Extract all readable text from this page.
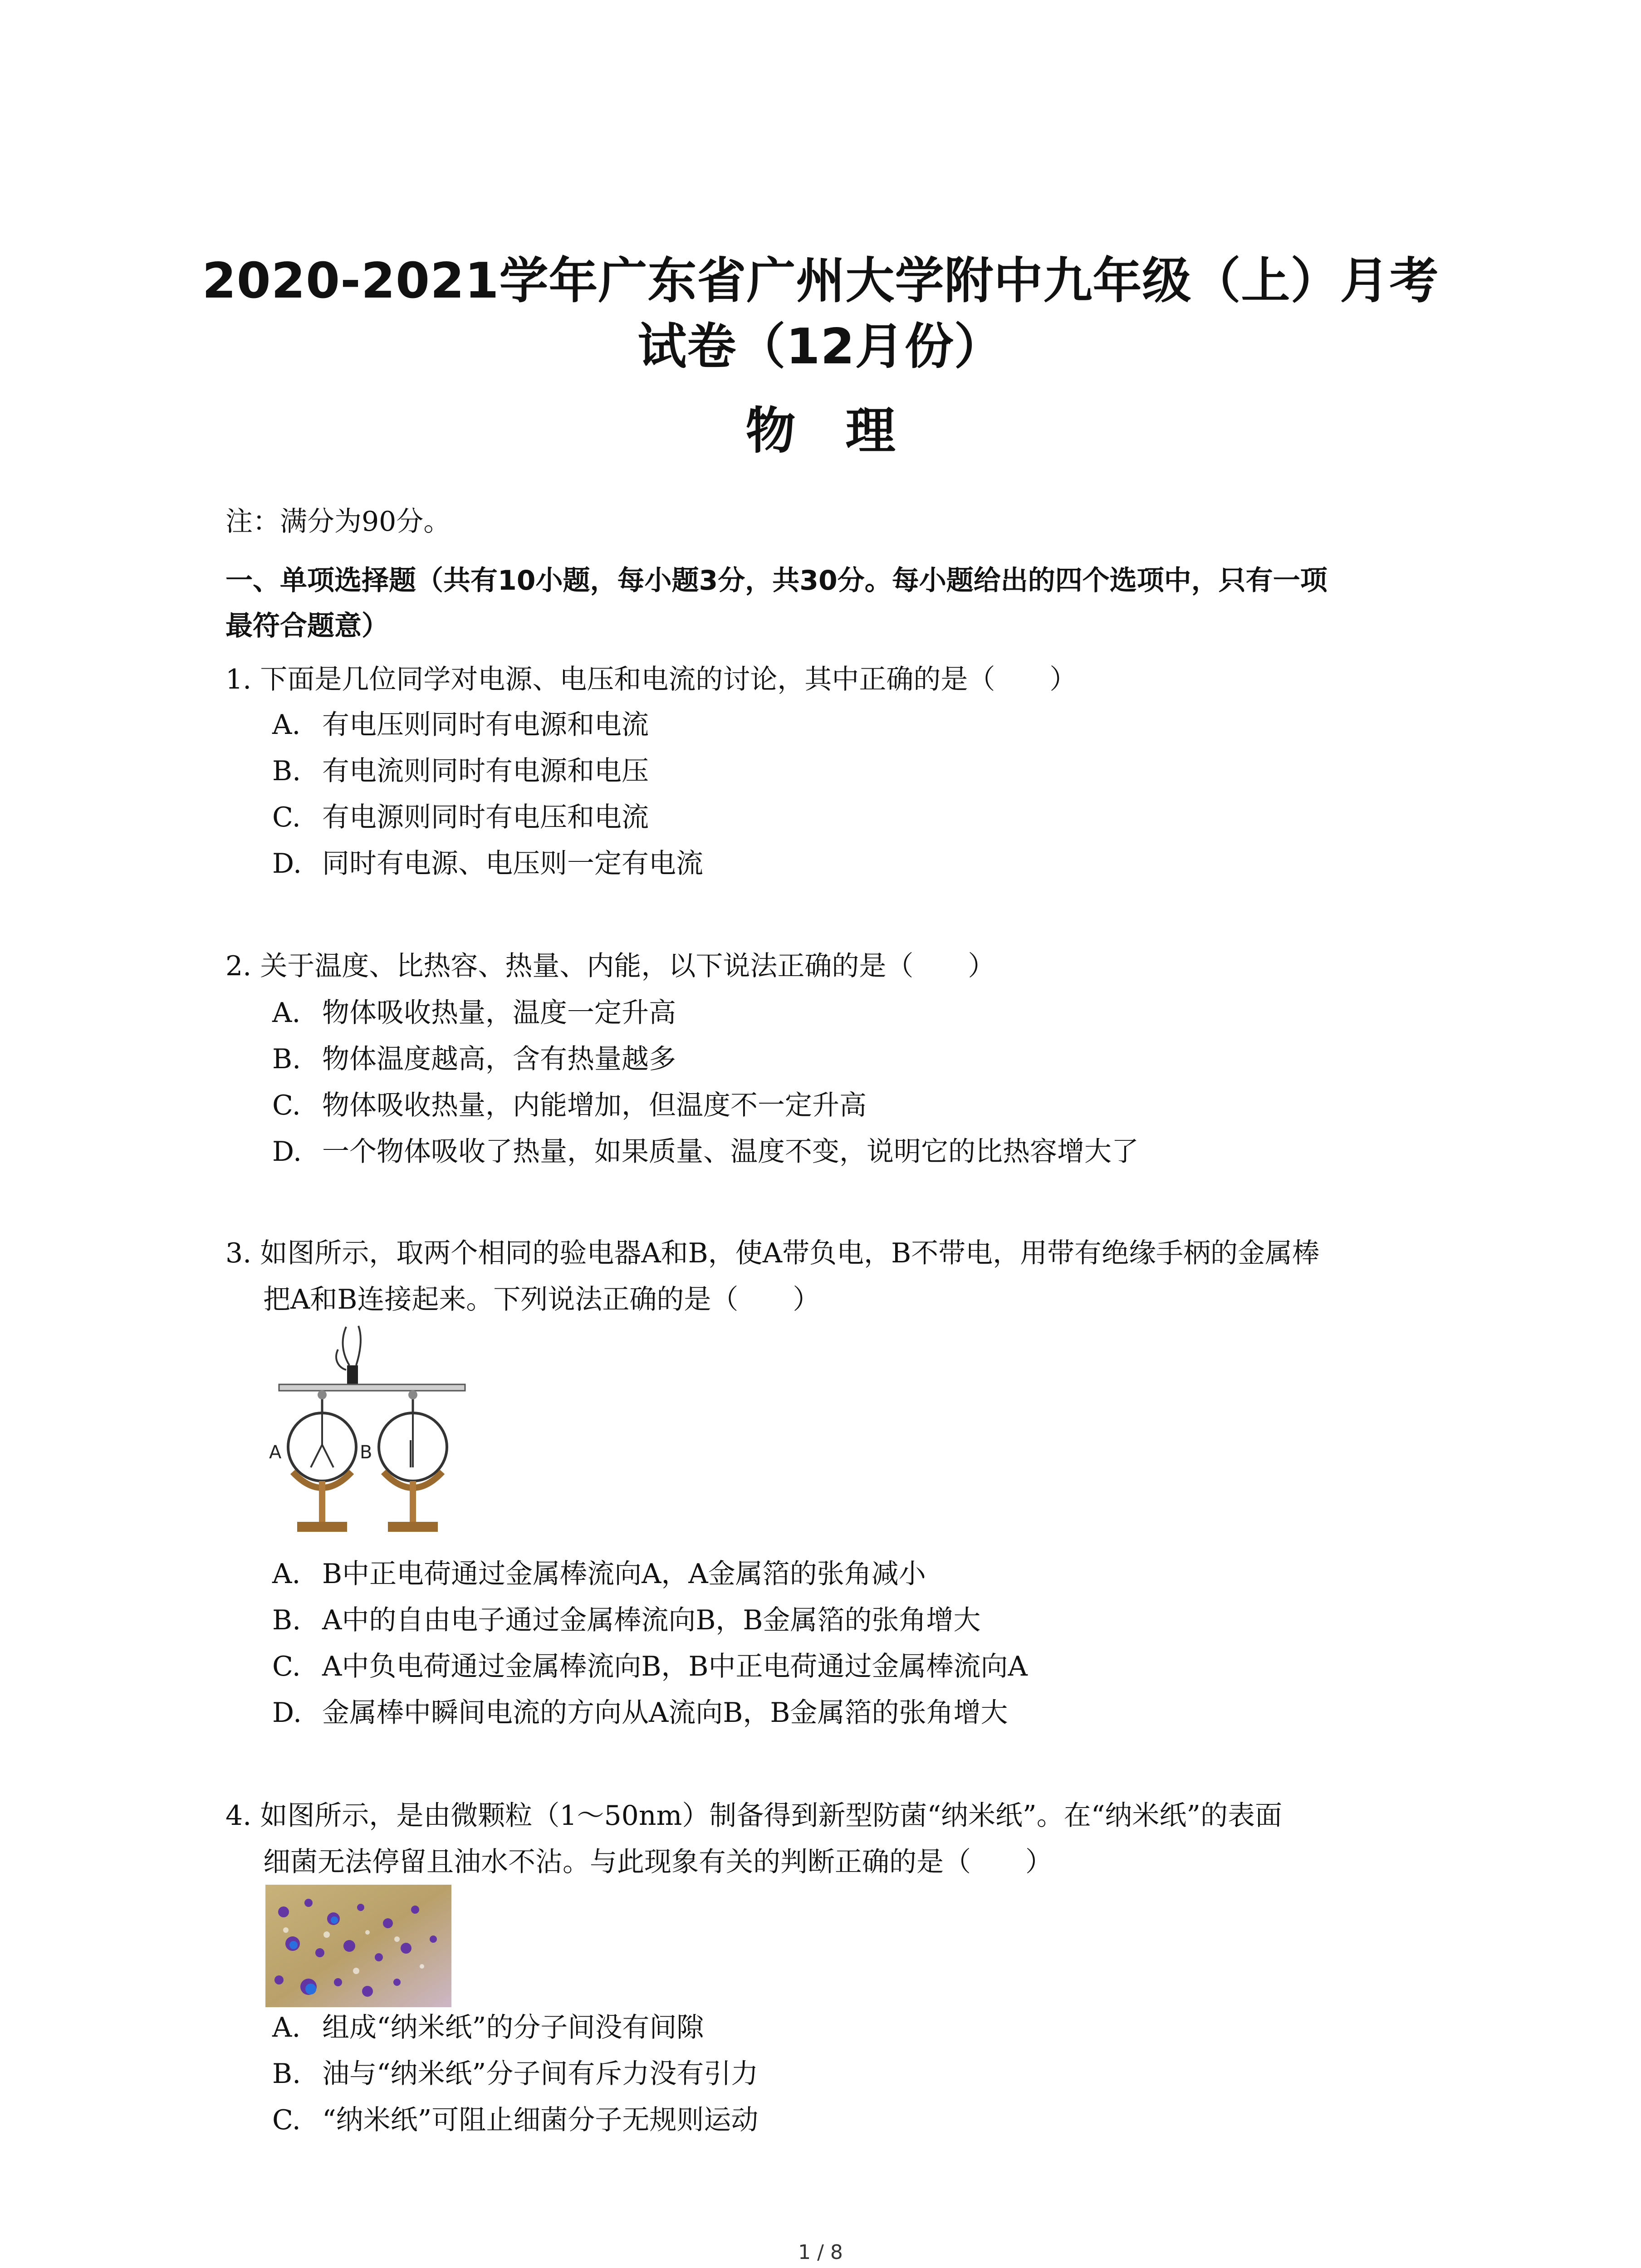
2020-2021学年广东省广州大学附中九年级（上）月考
试卷（12月份）
物理
注：满分为90分。
一、单项选择题（共有10小题，每小题3分，共30分。每小题给出的四个选项中，只有一项
最符合题意）
1. 下面是几位同学对电源、电压和电流的讨论，其中正确的是（　　）
A. 有电压则同时有电源和电流
B. 有电流则同时有电源和电压
C. 有电源则同时有电压和电流
D. 同时有电源、电压则一定有电流
2. 关于温度、比热容、热量、内能，以下说法正确的是（　　）
A. 物体吸收热量，温度一定升高
B. 物体温度越高，含有热量越多
C. 物体吸收热量，内能增加，但温度不一定升高
D. 一个物体吸收了热量，如果质量、温度不变，说明它的比热容增大了
3. 如图所示，取两个相同的验电器A和B，使A带负电，B不带电，用带有绝缘手柄的金属棒
把A和B连接起来。下列说法正确的是（　　）
A	B
A. B中正电荷通过金属棒流向A，A金属箔的张角减小
B. A中的自由电子通过金属棒流向B，B金属箔的张角增大
C. A中负电荷通过金属棒流向B，B中正电荷通过金属棒流向A
D. 金属棒中瞬间电流的方向从A流向B，B金属箔的张角增大
4. 如图所示，是由微颗粒（1～50nm）制备得到新型防菌“纳米纸”。在“纳米纸”的表面
细菌无法停留且油水不沾。与此现象有关的判断正确的是（　　）
A. 组成“纳米纸”的分子间没有间隙
B. 油与“纳米纸”分子间有斥力没有引力
C. “纳米纸”可阻止细菌分子无规则运动
1 / 8
